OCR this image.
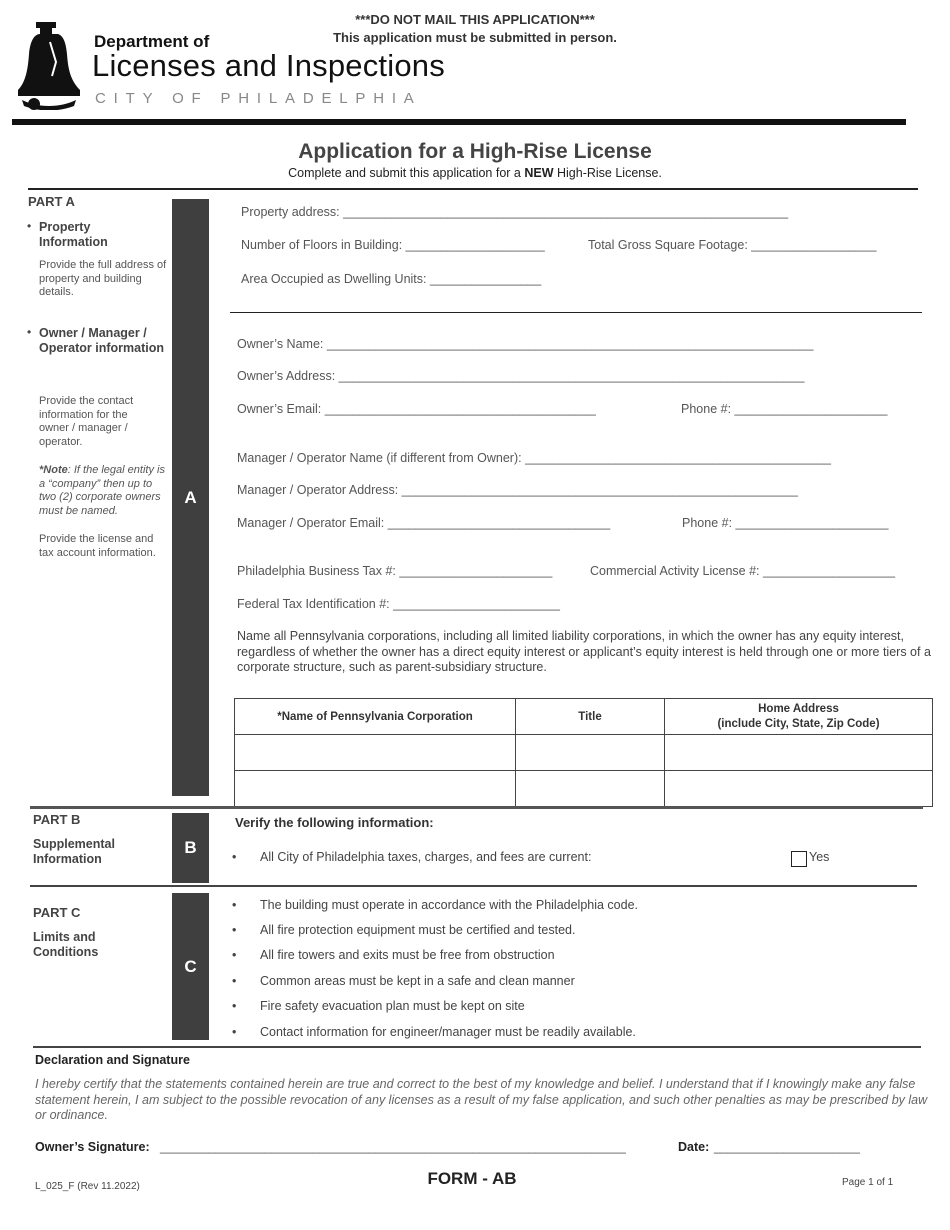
Department of
Licenses and Inspections
CITY OF PHILADELPHIA
***DO NOT MAIL THIS APPLICATION***
This application must be submitted in person.
Application for a High-Rise License
Complete and submit this application for a NEW High-Rise License.
PART A
• Property Information
Provide the full address of property and building details.
• Owner / Manager / Operator information
Provide the contact information for the owner / manager / operator.
*Note: If the legal entity is a “company” then up to two (2) corporate owners must be named.
Provide the license and tax account information.
A
Property address: ________________________________________________________________
Number of Floors in Building: ____________________	Total Gross Square Footage: __________________
Area Occupied as Dwelling Units: ________________
Owner’s Name: ______________________________________________________________________
Owner’s Address: ___________________________________________________________________
Owner’s Email: _______________________________________	Phone #: ______________________
Manager / Operator Name (if different from Owner): ____________________________________________
Manager / Operator Address: _________________________________________________________
Manager / Operator Email: ________________________________	Phone #: ______________________
Philadelphia Business Tax #: ______________________	Commercial Activity License #: ___________________
Federal Tax Identification #: ________________________
Name all Pennsylvania corporations, including all limited liability corporations, in which the owner has any equity interest, regardless of whether the owner has a direct equity interest or applicant’s equity interest is held through one or more tiers of a corporate structure, such as parent-subsidiary structure.
*Name of Pennsylvania Corporation	Title	Home Address
(include City, State, Zip Code)

PART B
Supplemental Information
B
Verify the following information:
• All City of Philadelphia taxes, charges, and fees are current:	Yes
PART C
Limits and Conditions
C
• The building must operate in accordance with the Philadelphia code.
• All fire protection equipment must be certified and tested.
• All fire towers and exits must be free from obstruction
• Common areas must be kept in a safe and clean manner
• Fire safety evacuation plan must be kept on site
• Contact information for engineer/manager must be readily available.
Declaration and Signature
I hereby certify that the statements contained herein are true and correct to the best of my knowledge and belief. I understand that if I knowingly make any false statement herein, I am subject to the possible revocation of any licenses as a result of my false application, and such other penalties as may be prescribed by law or ordinance.
Owner’s Signature: ___________________________________________________________________	Date: _____________________
L_025_F (Rev 11.2022)	FORM - AB	Page 1 of 1
